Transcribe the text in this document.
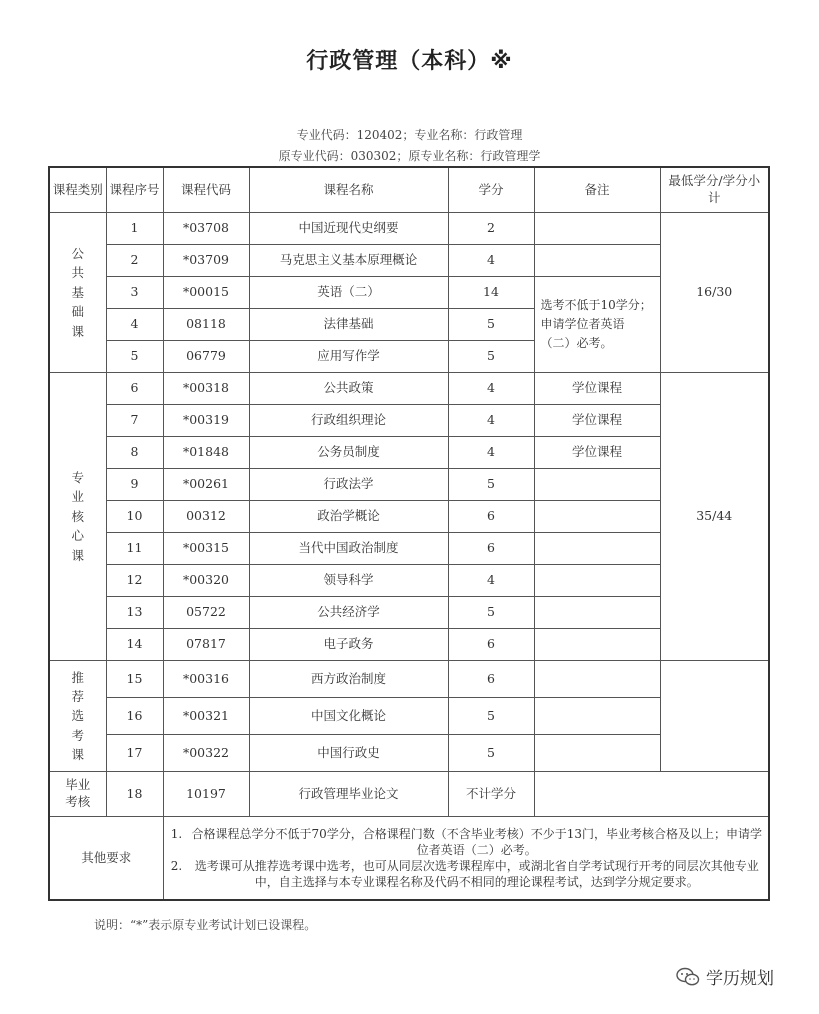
行政管理（本科）※
专业代码：120402；专业名称：行政管理
原专业代码：030302；原专业名称：行政管理学
课程类别	课程序号	课程代码	课程名称	学分	备注	最低学分/学分小计
公共基础课	1	*03708	中国近现代史纲要	2		16/30
	2	*03709	马克思主义基本原理概论	4		
	3	*00015	英语（二）	14	选考不低于10学分；申请学位者英语（二）必考。	
	4	08118	法律基础	5		
	5	06779	应用写作学	5		
专业核心课	6	*00318	公共政策	4	学位课程	35/44
	7	*00319	行政组织理论	4	学位课程	
	8	*01848	公务员制度	4	学位课程	
	9	*00261	行政法学	5		
	10	00312	政治学概论	6		
	11	*00315	当代中国政治制度	6		
	12	*00320	领导科学	4		
	13	05722	公共经济学	5		
	14	07817	电子政务	6		
推荐选考课	15	*00316	西方政治制度	6		
	16	*00321	中国文化概论	5		
	17	*00322	中国行政史	5		
毕业考核	18	10197	行政管理毕业论文	不计学分		
其他要求		1. 合格课程总学分不低于70学分，合格课程门数（不含毕业考核）不少于13门，毕业考核合格及以上；申请学位者英语（二）必考。
2. 选考课可从推荐选考课中选考，也可从同层次选考课程库中，或湖北省自学考试现行开考的同层次其他专业中，自主选择与本专业课程名称及代码不相同的理论课程考试，达到学分规定要求。				
说明：“*”表示原专业考试计划已设课程。
学历规划
